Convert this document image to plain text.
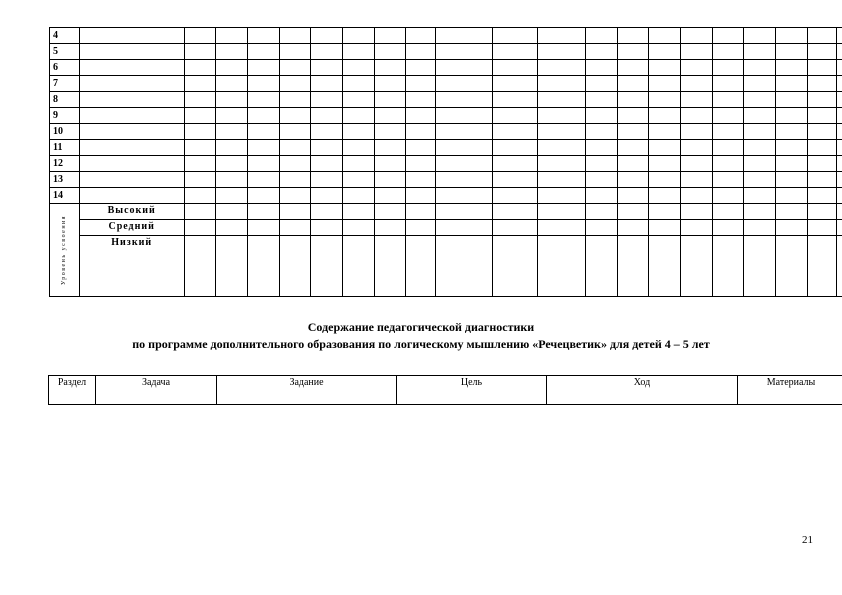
4																					
5																					
6																					
7																					
8																					
9																					
10																					
11																					
12																					
13																					
14																					

Уровень усвоения	Высокий																				
	Средний																				
	Низкий																				
Содержание педагогической диагностики
по программе дополнительного образования по логическому мышлению «Речецветик» для детей 4 – 5 лет
Раздел	Задача	Задание	Цель	Ход	Материалы
21
